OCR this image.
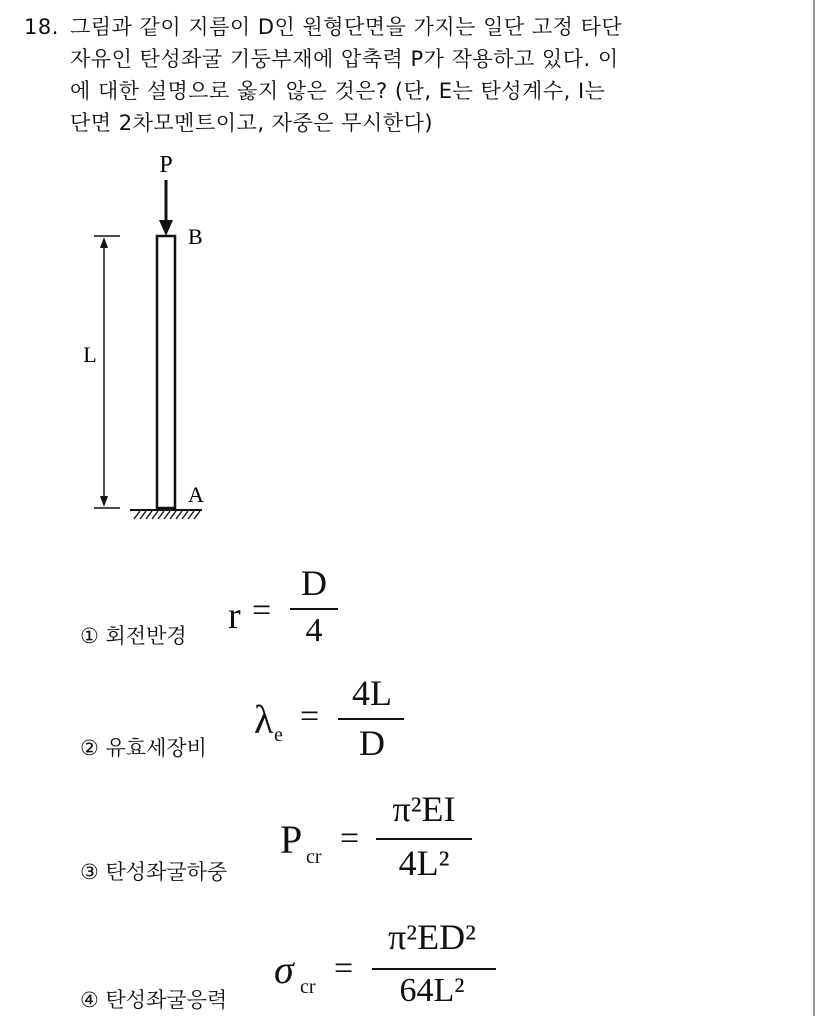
18. 그림과 같이 지름이 D인 원형단면을 가지는 일단 고정 타단
자유인 탄성좌굴 기둥부재에 압축력 P가 작용하고 있다. 이
에 대한 설명으로 옳지 않은 것은? (단, E는 탄성계수, I는
단면 2차모멘트이고, 자중은 무시한다)
P
B
A
L
① 회전반경 r =
D
4
② 유효세장비
λ e =
4L
D
③ 탄성좌굴하중
P cr =
π²EI
4L²
④ 탄성좌굴응력
σ cr =
π²ED²
64L²
